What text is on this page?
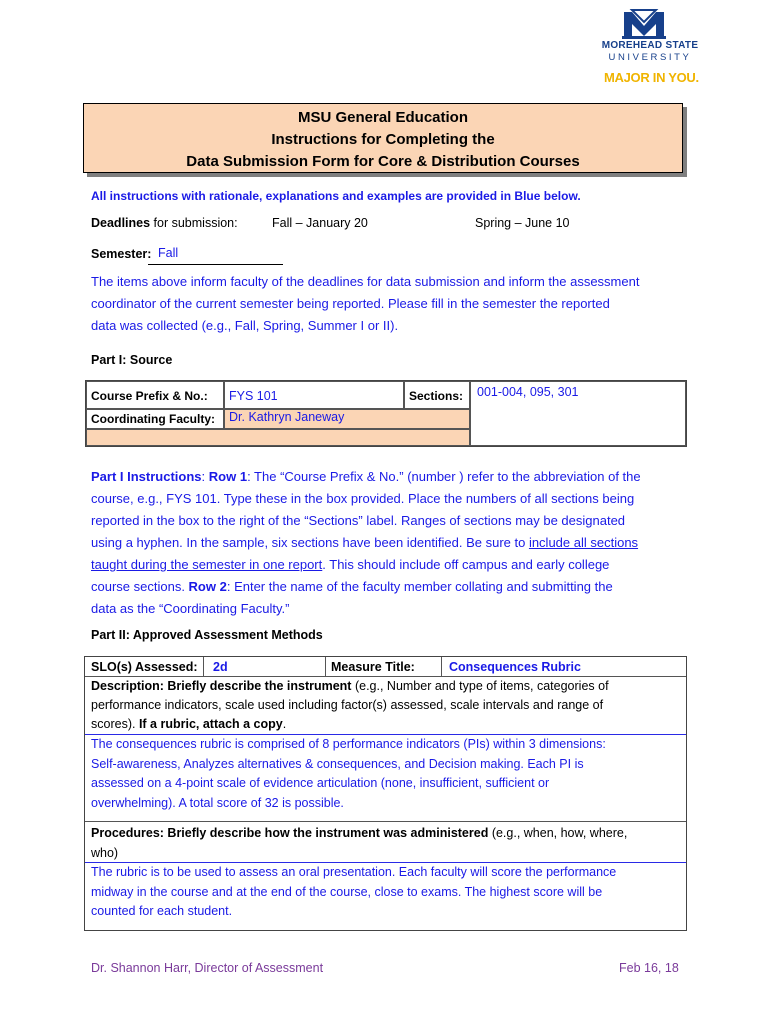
MOREHEAD STATE
UNIVERSITY
MAJOR IN YOU.
MSU General Education
Instructions for Completing the
Data Submission Form for Core & Distribution Courses
All instructions with rationale, explanations and examples are provided in Blue below.
Deadlines for submission:	Fall – January 20	Spring – June 10
Semester: Fall
The items above inform faculty of the deadlines for data submission and inform the assessment
coordinator of the current semester being reported. Please fill in the semester the reported
data was collected (e.g., Fall, Spring, Summer I or II).
Part I: Source
Course Prefix & No.:	FYS 101	Sections:	001-004, 095, 301
Coordinating Faculty:	Dr. Kathryn Janeway
Part I Instructions: Row 1: The “Course Prefix & No.” (number ) refer to the abbreviation of the
course, e.g., FYS 101. Type these in the box provided. Place the numbers of all sections being
reported in the box to the right of the “Sections” label. Ranges of sections may be designated
using a hyphen. In the sample, six sections have been identified. Be sure to include all sections
taught during the semester in one report. This should include off campus and early college
course sections. Row 2: Enter the name of the faculty member collating and submitting the
data as the “Coordinating Faculty.”
Part II: Approved Assessment Methods
SLO(s) Assessed: 2d	Measure Title:	Consequences Rubric
Description: Briefly describe the instrument (e.g., Number and type of items, categories of
performance indicators, scale used including factor(s) assessed, scale intervals and range of
scores). If a rubric, attach a copy.
The consequences rubric is comprised of 8 performance indicators (PIs) within 3 dimensions:
Self-awareness, Analyzes alternatives & consequences, and Decision making. Each PI is
assessed on a 4-point scale of evidence articulation (none, insufficient, sufficient or
overwhelming). A total score of 32 is possible.
Procedures: Briefly describe how the instrument was administered (e.g., when, how, where,
who)
The rubric is to be used to assess an oral presentation. Each faculty will score the performance
midway in the course and at the end of the course, close to exams. The highest score will be
counted for each student.
Dr. Shannon Harr, Director of Assessment	Feb 16, 18
